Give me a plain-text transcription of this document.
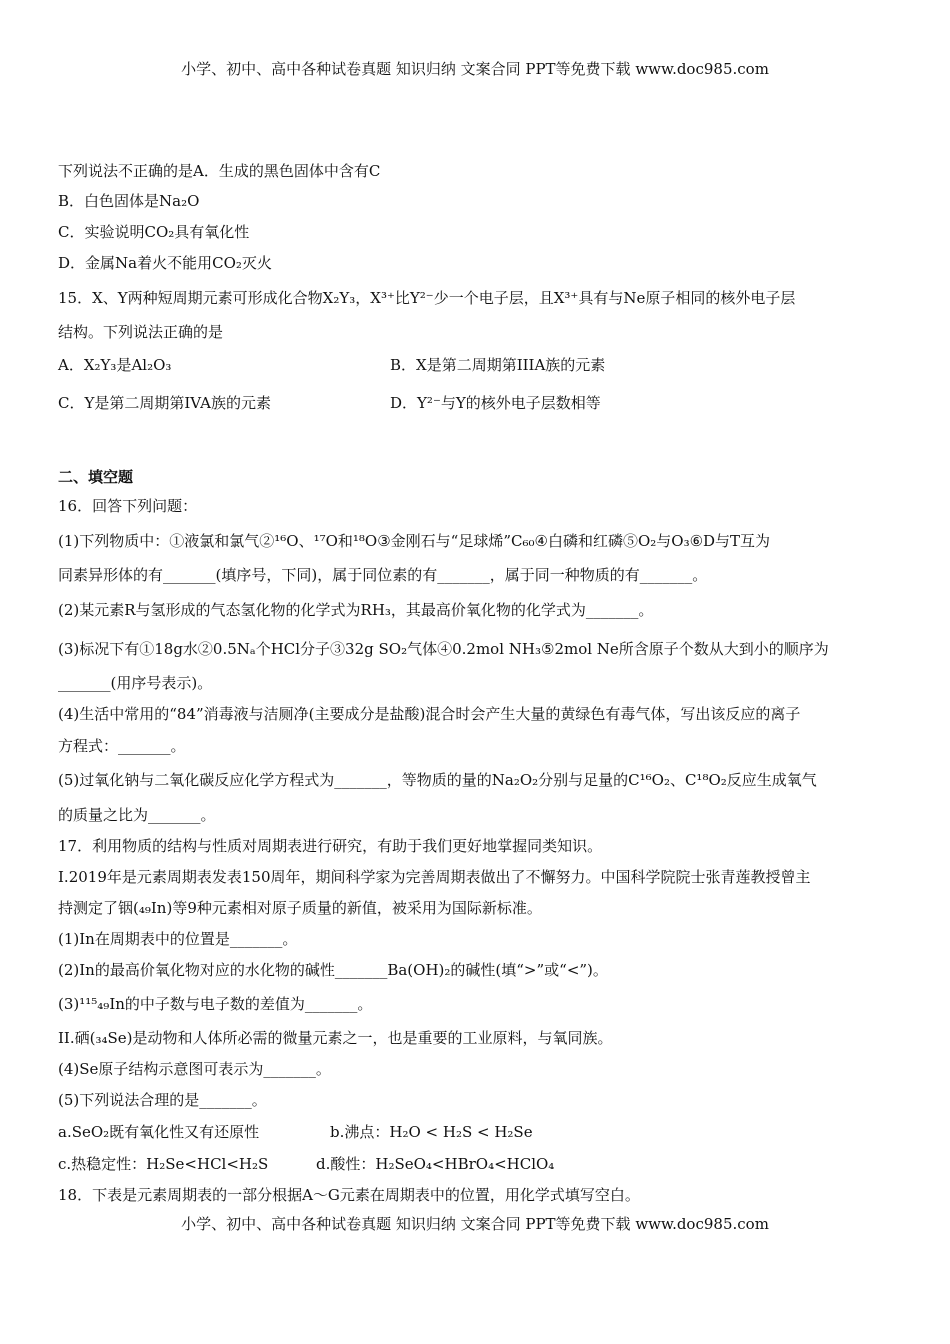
小学、初中、高中各种试卷真题 知识归纳 文案合同 PPT等免费下载 www.doc985.com
下列说法不正确的是A．生成的黑色固体中含有C
B．白色固体是Na₂O
C．实验说明CO₂具有氧化性
D．金属Na着火不能用CO₂灭火
15．X、Y两种短周期元素可形成化合物X₂Y₃，X³⁺比Y²⁻少一个电子层，且X³⁺具有与Ne原子相同的核外电子层
结构。下列说法正确的是
A．X₂Y₃是Al₂O₃	B．X是第二周期第IIIA族的元素
C．Y是第二周期第IVA族的元素	D．Y²⁻与Y的核外电子层数相等
二、填空题
16．回答下列问题：
(1)下列物质中：①液氯和氯气②¹⁶O、¹⁷O和¹⁸O③金刚石与“足球烯”C₆₀④白磷和红磷⑤O₂与O₃⑥D与T互为
同素异形体的有_______(填序号，下同)，属于同位素的有_______，属于同一种物质的有_______。
(2)某元素R与氢形成的气态氢化物的化学式为RH₃，其最高价氧化物的化学式为_______。
(3)标况下有①18g水②0.5Nₐ个HCl分子③32g SO₂气体④0.2mol NH₃⑤2mol Ne所含原子个数从大到小的顺序为
_______(用序号表示)。
(4)生活中常用的“84”消毒液与洁厕净(主要成分是盐酸)混合时会产生大量的黄绿色有毒气体，写出该反应的离子
方程式：_______。
(5)过氧化钠与二氧化碳反应化学方程式为_______，等物质的量的Na₂O₂分别与足量的C¹⁶O₂、C¹⁸O₂反应生成氧气
的质量之比为_______。
17．利用物质的结构与性质对周期表进行研究，有助于我们更好地掌握同类知识。
I.2019年是元素周期表发表150周年，期间科学家为完善周期表做出了不懈努力。中国科学院院士张青莲教授曾主
持测定了铟(₄₉In)等9种元素相对原子质量的新值，被采用为国际新标准。
(1)In在周期表中的位置是_______。
(2)In的最高价氧化物对应的水化物的碱性_______Ba(OH)₂的碱性(填“>”或“<”)。
(3)¹¹⁵₄₉In的中子数与电子数的差值为_______。
II.硒(₃₄Se)是动物和人体所必需的微量元素之一，也是重要的工业原料，与氧同族。
(4)Se原子结构示意图可表示为_______。
(5)下列说法合理的是_______。
a.SeO₂既有氧化性又有还原性	b.沸点：H₂O < H₂S < H₂Se
c.热稳定性：H₂Se<HCl<H₂S	d.酸性：H₂SeO₄<HBrO₄<HClO₄
18．下表是元素周期表的一部分根据A～G元素在周期表中的位置，用化学式填写空白。
小学、初中、高中各种试卷真题 知识归纳 文案合同 PPT等免费下载 www.doc985.com
